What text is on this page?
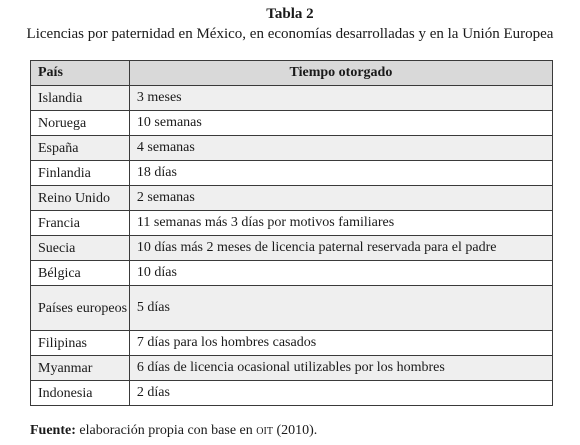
Tabla 2
Licencias por paternidad en México, en economías desarrolladas y en la Unión Europea
País	Tiempo otorgado
Islandia	3 meses
Noruega	10 semanas
España	4 semanas
Finlandia	18 días
Reino Unido	2 semanas
Francia	11 semanas más 3 días por motivos familiares
Suecia	10 días más 2 meses de licencia paternal reservada para el padre
Bélgica	10 días
Países europeos	5 días
Filipinas	7 días para los hombres casados
Myanmar	6 días de licencia ocasional utilizables por los hombres
Indonesia	2 días
Fuente: elaboración propia con base en oit (2010).
